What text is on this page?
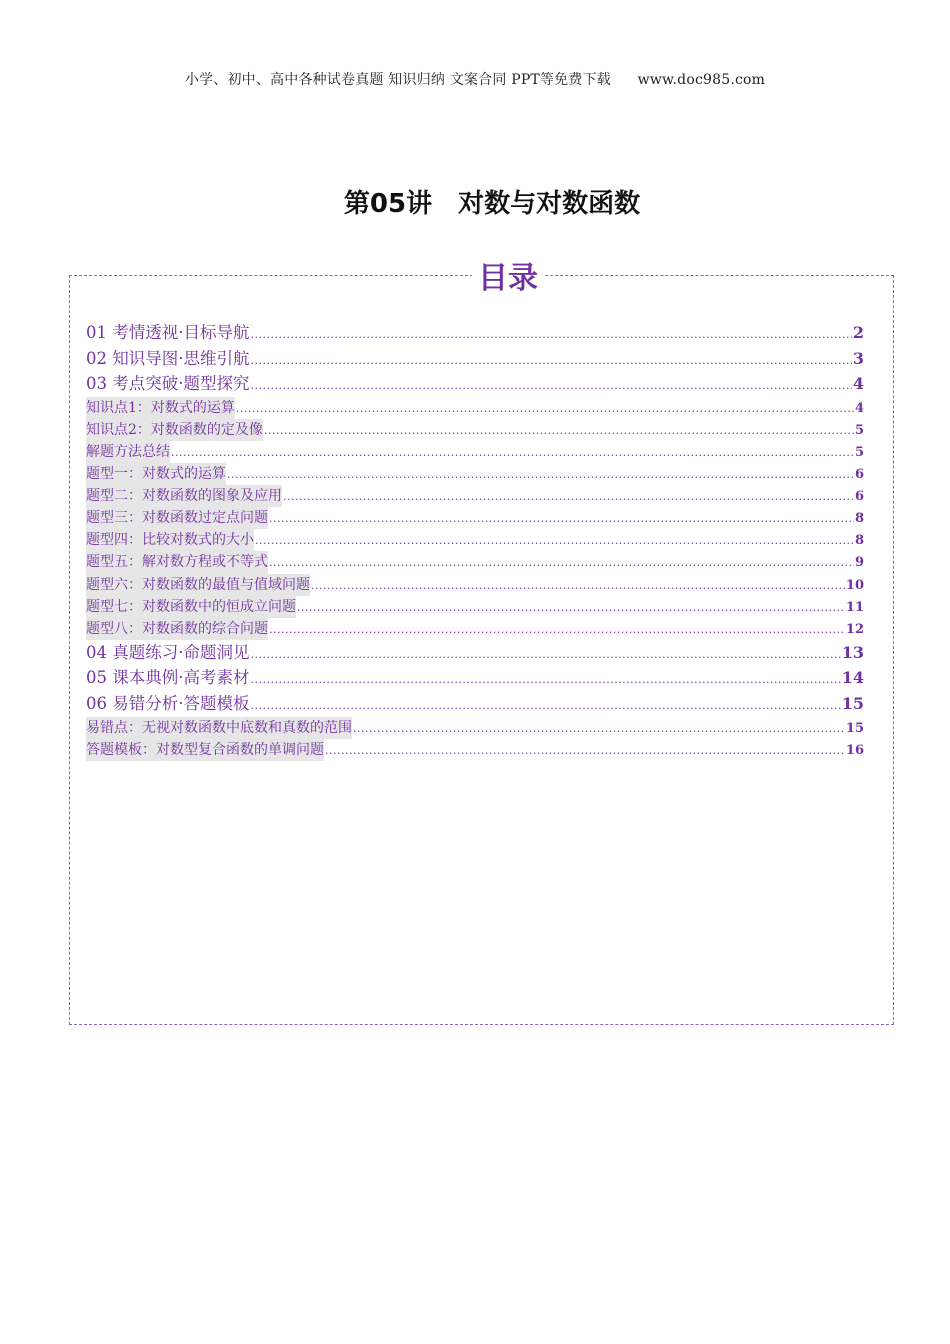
小学、初中、高中各种试卷真题 知识归纳 文案合同 PPT等免费下载 www.doc985.com
第05讲　对数与对数函数
目录
01 考情透视·目标导航 .....	2
02 知识导图·思维引航 .....	3
03 考点突破·题型探究 .....	4
知识点1：对数式的运算 .....	4
知识点2：对数函数的定及像 .....	5
解题方法总结 .....	5
题型一：对数式的运算 .....	6
题型二：对数函数的图象及应用 .....	6
题型三：对数函数过定点问题 .....	8
题型四：比较对数式的大小 .....	8
题型五：解对数方程或不等式 .....	9
题型六：对数函数的最值与值域问题 .....	10
题型七：对数函数中的恒成立问题 .....	11
题型八：对数函数的综合问题 .....	12
04 真题练习·命题洞见 .....	13
05 课本典例·高考素材 .....	14
06 易错分析·答题模板 .....	15
易错点：无视对数函数中底数和真数的范围 .....	15
答题模板：对数型复合函数的单调问题 .....	16
